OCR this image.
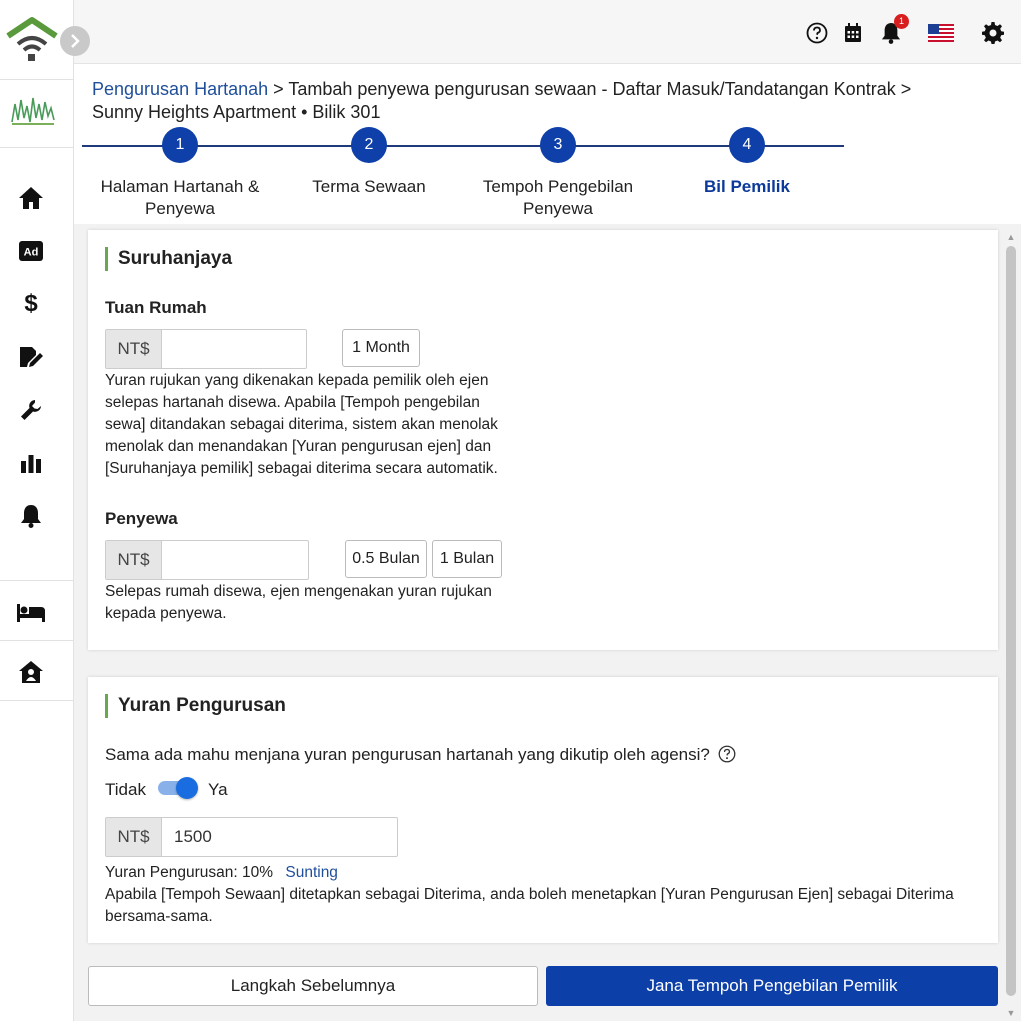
Ad
$
1
Pengurusan Hartanah > Tambah penyewa pengurusan sewaan - Daftar Masuk/Tandatangan Kontrak > Sunny Heights Apartment • Bilik 301
1	2	3	4
Halaman Hartanah & Penyewa
Terma Sewaan	Tempoh Pengebilan Penyewa
Bil Pemilik
Suruhanjaya
Tuan Rumah
NT$	1 Month
Yuran rujukan yang dikenakan kepada pemilik oleh ejen selepas hartanah disewa. Apabila [Tempoh pengebilan sewa] ditandakan sebagai diterima, sistem akan menolak menolak dan menandakan [Yuran pengurusan ejen] dan [Suruhanjaya pemilik] sebagai diterima secara automatik.
Penyewa
NT$	0.5 Bulan	1 Bulan
Selepas rumah disewa, ejen mengenakan yuran rujukan kepada penyewa.
Yuran Pengurusan
Sama ada mahu menjana yuran pengurusan hartanah yang dikutip oleh agensi?
Tidak	Ya
NT$
1500
Yuran Pengurusan: 10% Sunting
Apabila [Tempoh Sewaan] ditetapkan sebagai Diterima, anda boleh menetapkan [Yuran Pengurusan Ejen] sebagai Diterima bersama-sama.
▲
▼
Langkah Sebelumnya	Jana Tempoh Pengebilan Pemilik
